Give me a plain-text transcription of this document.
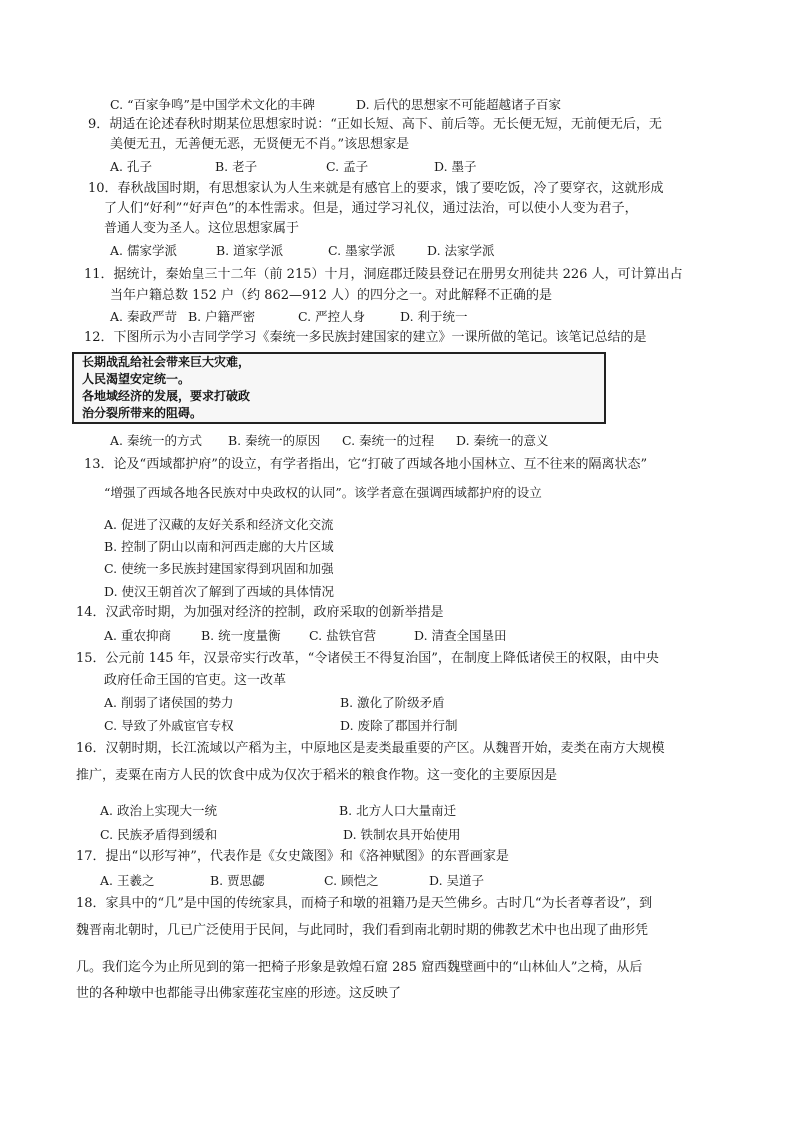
C. “百家争鸣”是中国学术文化的丰碑	D. 后代的思想家不可能超越诸子百家
9．胡适在论述春秋时期某位思想家时说：“正如长短、高下、前后等。无长便无短，无前便无后，无
美便无丑，无善便无恶，无贤便无不肖。”该思想家是
A. 孔子	B. 老子	C. 孟子	D. 墨子
10．春秋战国时期，有思想家认为人生来就是有感官上的要求，饿了要吃饭，冷了要穿衣，这就形成
了人们“好利”“好声色”的本性需求。但是，通过学习礼仪，通过法治，可以使小人变为君子，
普通人变为圣人。这位思想家属于
A. 儒家学派	B. 道家学派	C. 墨家学派	D. 法家学派
11．据统计，秦始皇三十二年（前 215）十月，洞庭郡迁陵县登记在册男女刑徒共 226 人，可计算出占
当年户籍总数 152 户（约 862—912 人）的四分之一。对此解释不正确的是
A. 秦政严苛 B. 户籍严密	C. 严控人身	D. 利于统一
12．下图所示为小吉同学学习《秦统一多民族封建国家的建立》一课所做的笔记。该笔记总结的是
长期战乱给社会带来巨大灾难，
人民渴望安定统一。
各地域经济的发展，要求打破政
治分裂所带来的阻碍。
A. 秦统一的方式 B. 秦统一的原因 C. 秦统一的过程 D. 秦统一的意义
13．论及“西域都护府”的设立，有学者指出，它“打破了西域各地小国林立、互不往来的隔离状态”
“增强了西域各地各民族对中央政权的认同”。该学者意在强调西域都护府的设立
A. 促进了汉藏的友好关系和经济文化交流
B. 控制了阴山以南和河西走廊的大片区域
C. 使统一多民族封建国家得到巩固和加强
D. 使汉王朝首次了解到了西域的具体情况
14．汉武帝时期，为加强对经济的控制，政府采取的创新举措是
A. 重农抑商 B. 统一度量衡 C. 盐铁官营	D. 清查全国垦田
15．公元前 145 年，汉景帝实行改革，“令诸侯王不得复治国”，在制度上降低诸侯王的权限，由中央
政府任命王国的官吏。这一改革
A. 削弱了诸侯国的势力	B. 激化了阶级矛盾
C. 导致了外戚宦官专权	D. 废除了郡国并行制
16．汉朝时期，长江流域以产稻为主，中原地区是麦类最重要的产区。从魏晋开始，麦类在南方大规模
推广，麦粟在南方人民的饮食中成为仅次于稻米的粮食作物。这一变化的主要原因是
A. 政治上实现大一统	B. 北方人口大量南迁
C. 民族矛盾得到缓和	D. 铁制农具开始使用
17．提出“以形写神”，代表作是《女史箴图》和《洛神赋图》的东晋画家是
A. 王羲之	B. 贾思勰	C. 顾恺之	D. 吴道子
18．家具中的“几”是中国的传统家具，而椅子和墩的祖籍乃是天竺佛乡。古时几“为长者尊者设”，到
魏晋南北朝时，几已广泛使用于民间，与此同时，我们看到南北朝时期的佛教艺术中也出现了曲形凭
几。我们迄今为止所见到的第一把椅子形象是敦煌石窟 285 窟西魏壁画中的“山林仙人”之椅，从后
世的各种墩中也都能寻出佛家莲花宝座的形迹。这反映了
